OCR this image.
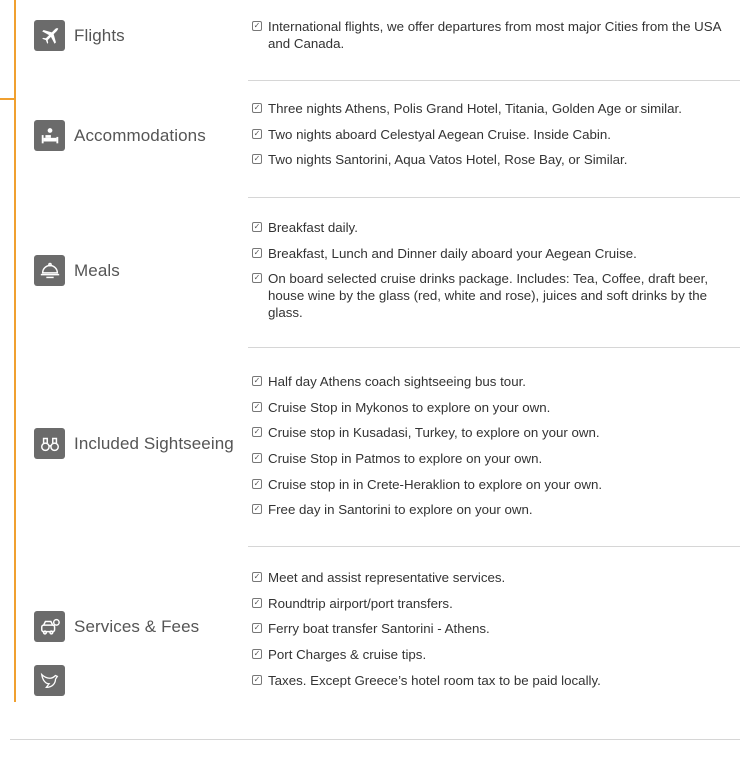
Flights	✓ International flights, we offer departures from most major Cities from the USA and Canada.
Accommodations
✓ Three nights Athens, Polis Grand Hotel, Titania, Golden Age or similar.
✓ Two nights aboard Celestyal Aegean Cruise. Inside Cabin.
✓ Two nights Santorini, Aqua Vatos Hotel, Rose Bay, or Similar.
Meals
✓ Breakfast daily.
✓ Breakfast, Lunch and Dinner daily aboard your Aegean Cruise.
✓ On board selected cruise drinks package. Includes: Tea, Coffee, draft beer, house wine by the glass (red, white and rose), juices and soft drinks by the glass.
Included Sightseeing
✓ Half day Athens coach sightseeing bus tour.
✓ Cruise Stop in Mykonos to explore on your own.
✓ Cruise stop in Kusadasi, Turkey, to explore on your own.
✓ Cruise Stop in Patmos to explore on your own.
✓ Cruise stop in in Crete-Heraklion to explore on your own.
✓ Free day in Santorini to explore on your own.
Services & Fees
✓ Meet and assist representative services.
✓ Roundtrip airport/port transfers.
✓ Ferry boat transfer Santorini - Athens.
✓ Port Charges & cruise tips.
✓ Taxes. Except Greece’s hotel room tax to be paid locally.
